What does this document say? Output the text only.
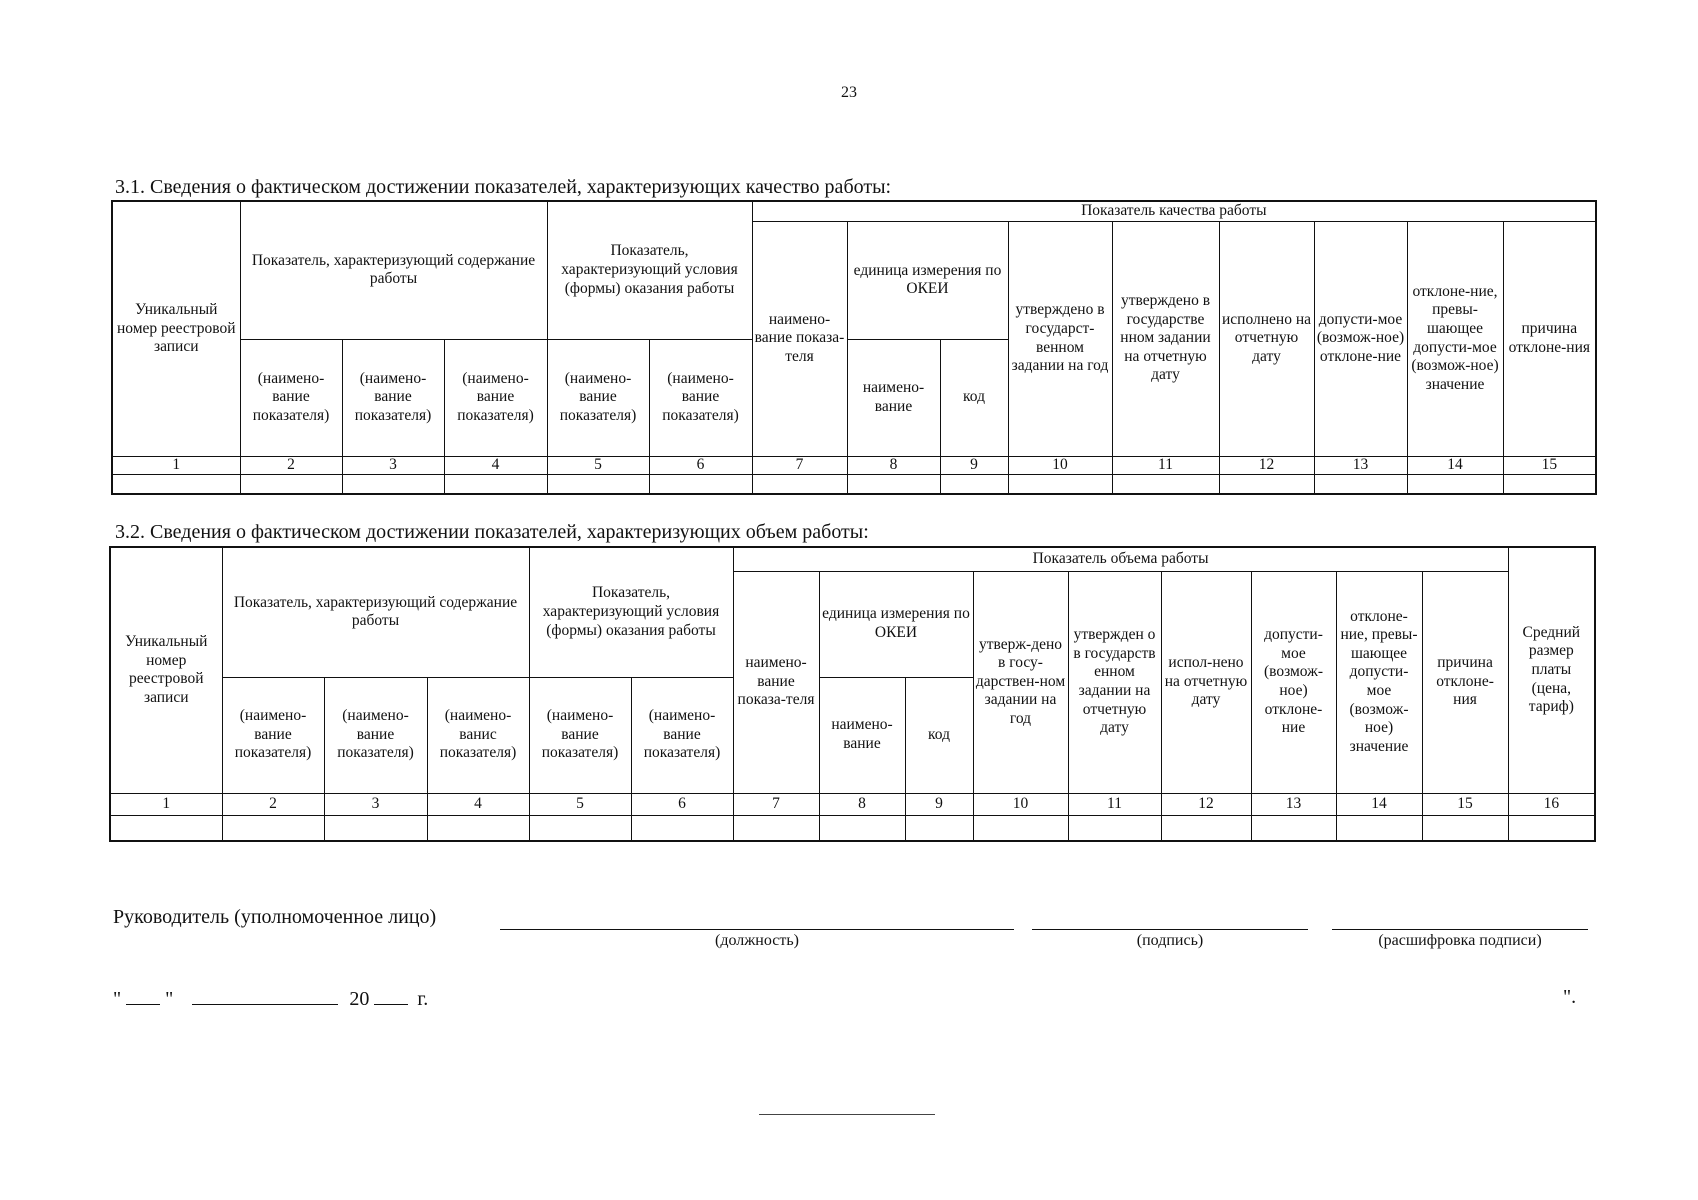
23
3.1. Сведения о фактическом достижении показателей, характеризующих качество работы:
Уникальный номер реестровой записи	Показатель, характеризующий содержание работы			Показатель, характеризующий условия (формы) оказания работы		Показатель качества работы								
						наимено-вание показа-теля	единица измерения по ОКЕИ		утверждено в государст-венном задании на год	утверждено в государстве нном задании на отчетную дату	исполнено на отчетную дату	допусти-мое (возмож-ное) отклоне-ние	отклоне-ние, превы-шающее допусти-мое (возмож-ное) значение	причина отклоне-ния
	(наимено-вание показателя)	(наимено-вание показателя)	(наимено-вание показателя)	(наимено-вание показателя)	(наимено-вание показателя)		наимено-вание	код						
1	2	3	4	5	6	7	8	9	10	11	12	13	14	15

3.2. Сведения о фактическом достижении показателей, характеризующих объем работы:
Уникальный номер реестровой записи	Показатель, характеризующий содержание работы			Показатель, характеризующий условия (формы) оказания работы		Показатель объема работы									Средний размер платы (цена, тариф)
						наимено-вание показа-теля	единица измерения по ОКЕИ		утверж-дено в госу-дарствен-ном задании на год	утвержден о в государств енном задании на отчетную дату	испол-нено на отчетную дату	допусти-мое (возмож-ное) отклоне-ние	отклоне-ние, превы-шающее допусти-мое (возмож-ное) значение	причина отклоне-ния	
	(наимено-вание показателя)	(наимено-вание показателя)	(наимено-ванис показателя)	(наимено-вание показателя)	(наимено-вание показателя)		наимено-вание	код							
1	2	3	4	5	6	7	8	9	10	11	12	13	14	15	16

Руководитель (уполномоченное лицо)
(должность)	(подпись)	(расшифровка подписи)
" "	20 г.	".
